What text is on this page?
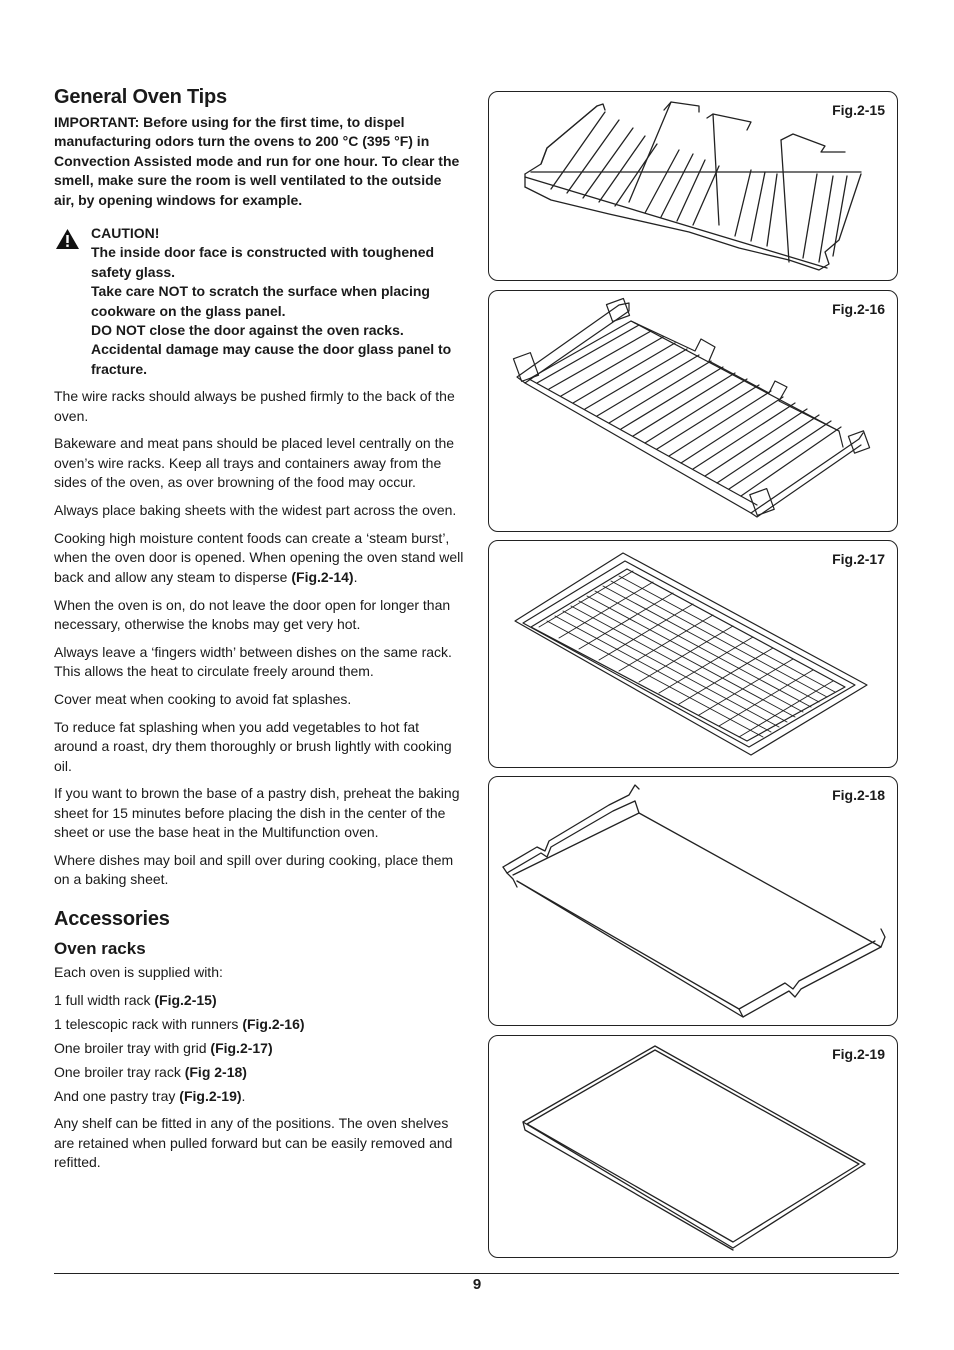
General Oven Tips
IMPORTANT: Before using for the first time, to dispel manufacturing odors turn the ovens to 200 °C (395 °F) in Convection Assisted mode and run for one hour. To clear the smell, make sure the room is well ventilated to the outside air, by opening windows for example.

CAUTION!

The inside door face is constructed with toughened safety glass.

Take care NOT to scratch the surface when placing cookware on the glass panel.

DO NOT close the door against the oven racks. Accidental damage may cause the door glass panel to fracture.

The wire racks should always be pushed firmly to the back of the oven.

Bakeware and meat pans should be placed level centrally on the oven’s wire racks. Keep all trays and containers away from the sides of the oven, as over browning of the food may occur.

Always place baking sheets with the widest part across the oven.

Cooking high moisture content foods can create a ‘steam burst’, when the oven door is opened. When opening the oven stand well back and allow any steam to disperse (Fig.2-14).

When the oven is on, do not leave the door open for longer than necessary, otherwise the knobs may get very hot.

Always leave a ‘fingers width’ between dishes on the same rack. This allows the heat to circulate freely around them.

Cover meat when cooking to avoid fat splashes.

To reduce fat splashing when you add vegetables to hot fat around a roast, dry them thoroughly or brush lightly with cooking oil.

If you want to brown the base of a pastry dish, preheat the baking sheet for 15 minutes before placing the dish in the center of the sheet or use the base heat in the Multifunction oven.

Where dishes may boil and spill over during cooking, place them on a baking sheet.

Accessories
Oven racks

Each oven is supplied with:

1 full width rack (Fig.2-15)

1 telescopic rack with runners (Fig.2-16)

One broiler tray with grid (Fig.2-17)

One broiler tray rack (Fig 2-18)

And one pastry tray (Fig.2-19).

Any shelf can be fitted in any of the positions. The oven shelves are retained when pulled forward but can be easily removed and refitted.

Fig.2-15
Fig.2-16
Fig.2-17
Fig.2-18
Fig.2-19
9
